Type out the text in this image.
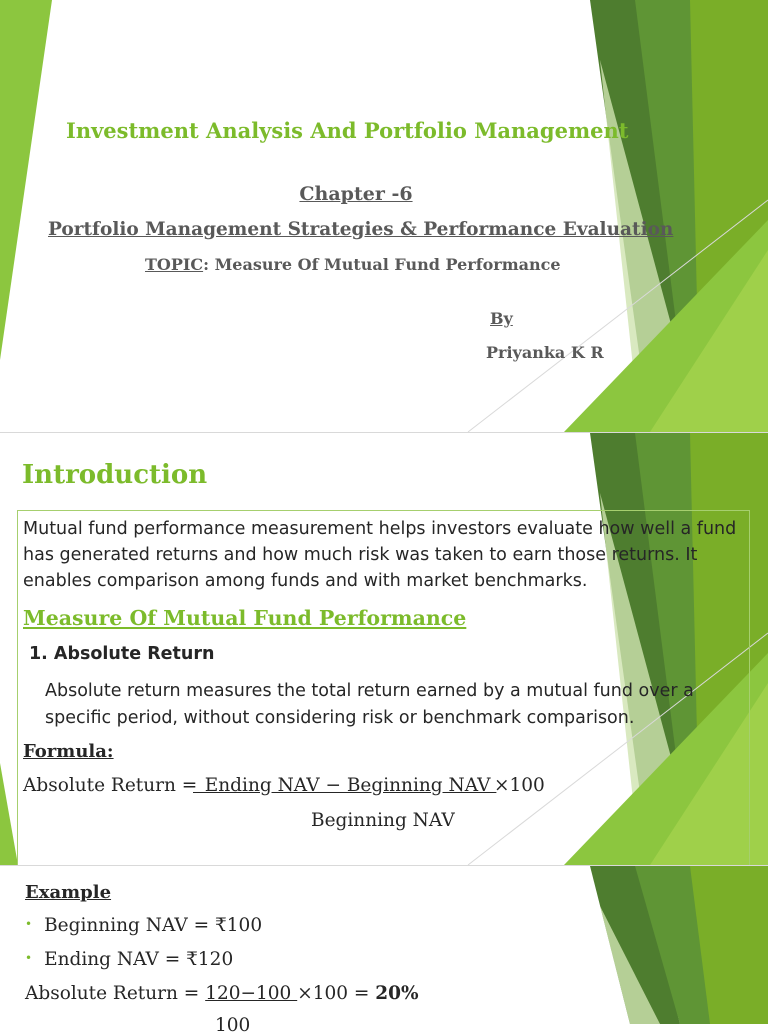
Investment Analysis And Portfolio Management
Chapter -6
Portfolio Management Strategies & Performance Evaluation
TOPIC: Measure Of Mutual Fund Performance
By
Priyanka K R
Introduction
Mutual fund performance measurement helps investors evaluate how well a fund has generated returns and how much risk was taken to earn those returns. It enables comparison among funds and with market benchmarks.
Measure Of Mutual Fund Performance
1. Absolute Return
Absolute return measures the total return earned by a mutual fund over a specific period, without considering risk or benchmark comparison.
Formula:
Absolute Return =
Ending NAV − Beginning NAV
×100
Beginning NAV
Example
• Beginning NAV = ₹100
• Ending NAV = ₹120
Absolute Return = 120−100 ×100 = 20%
100
